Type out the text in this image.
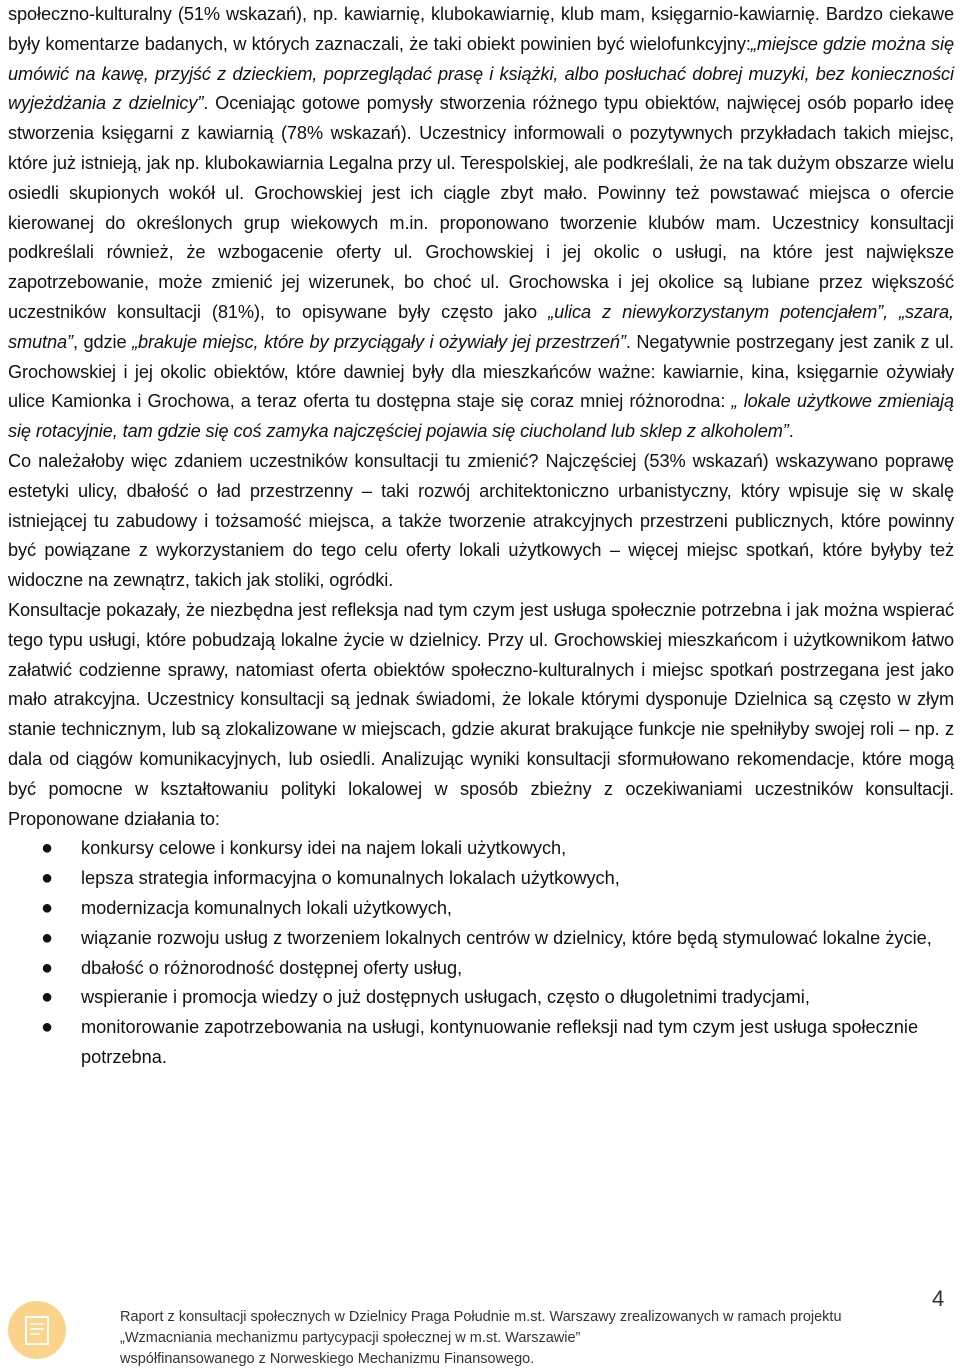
społeczno-kulturalny (51% wskazań), np. kawiarnię, klubokawiarnię, klub mam, księgarnio-kawiarnię. Bardzo ciekawe były komentarze badanych, w których zaznaczali, że taki obiekt powinien być wielofunkcyjny:„miejsce gdzie można się umówić na kawę, przyjść z dzieckiem, poprzeglądać prasę i książki, albo posłuchać dobrej muzyki, bez konieczności wyjeżdżania z dzielnicy”. Oceniając gotowe pomysły stworzenia różnego typu obiektów, najwięcej osób poparło ideę stworzenia księgarni z kawiarnią (78% wskazań). Uczestnicy informowali o pozytywnych przykładach takich miejsc, które już istnieją, jak np. klubokawiarnia Legalna przy ul. Terespolskiej, ale podkreślali, że na tak dużym obszarze wielu osiedli skupionych wokół ul. Grochowskiej jest ich ciągle zbyt mało. Powinny też powstawać miejsca o ofercie kierowanej do określonych grup wiekowych m.in. proponowano tworzenie klubów mam. Uczestnicy konsultacji podkreślali również, że wzbogacenie oferty ul. Grochowskiej i jej okolic o usługi, na które jest największe zapotrzebowanie, może zmienić jej wizerunek, bo choć ul. Grochowska i jej okolice są lubiane przez większość uczestników konsultacji (81%), to opisywane były często jako „ulica z niewykorzystanym potencjałem”, „szara, smutna”, gdzie „brakuje miejsc, które by przyciągały i ożywiały jej przestrzeń”. Negatywnie postrzegany jest zanik z ul. Grochowskiej i jej okolic obiektów, które dawniej były dla mieszkańców ważne: kawiarnie, kina, księgarnie ożywiały ulice Kamionka i Grochowa, a teraz oferta tu dostępna staje się coraz mniej różnorodna: „ lokale użytkowe zmieniają się rotacyjnie, tam gdzie się coś zamyka najczęściej pojawia się ciucholand lub sklep z alkoholem”.

Co należałoby więc zdaniem uczestników konsultacji tu zmienić? Najczęściej (53% wskazań) wskazywano poprawę estetyki ulicy, dbałość o ład przestrzenny – taki rozwój architektoniczno urbanistyczny, który wpisuje się w skalę istniejącej tu zabudowy i tożsamość miejsca, a także tworzenie atrakcyjnych przestrzeni publicznych, które powinny być powiązane z wykorzystaniem do tego celu oferty lokali użytkowych – więcej miejsc spotkań, które byłyby też widoczne na zewnątrz, takich jak stoliki, ogródki.

Konsultacje pokazały, że niezbędna jest refleksja nad tym czym jest usługa społecznie potrzebna i jak można wspierać tego typu usługi, które pobudzają lokalne życie w dzielnicy. Przy ul. Grochowskiej mieszkańcom i użytkownikom łatwo załatwić codzienne sprawy, natomiast oferta obiektów społeczno-kulturalnych i miejsc spotkań postrzegana jest jako mało atrakcyjna. Uczestnicy konsultacji są jednak świadomi, że lokale którymi dysponuje Dzielnica są często w złym stanie technicznym, lub są zlokalizowane w miejscach, gdzie akurat brakujące funkcje nie spełniłyby swojej roli – np. z dala od ciągów komunikacyjnych, lub osiedli. Analizując wyniki konsultacji sformułowano rekomendacje, które mogą być pomocne w kształtowaniu polityki lokalowej w sposób zbieżny z oczekiwaniami uczestników konsultacji. Proponowane działania to:

● konkursy celowe i konkursy idei na najem lokali użytkowych,
● lepsza strategia informacyjna o komunalnych lokalach użytkowych,
● modernizacja komunalnych lokali użytkowych,
● wiązanie rozwoju usług z tworzeniem lokalnych centrów w dzielnicy, które będą stymulować lokalne życie,
● dbałość o różnorodność dostępnej oferty usług,
● wspieranie i promocja wiedzy o już dostępnych usługach, często o długoletnimi tradycjami,
● monitorowanie zapotrzebowania na usługi, kontynuowanie refleksji nad tym czym jest usługa społecznie potrzebna.
Raport z konsultacji społecznych w Dzielnicy Praga Południe m.st. Warszawy zrealizowanych w ramach projektu
„Wzmacniania mechanizmu partycypacji społecznej w m.st. Warszawie”
współfinansowanego z Norweskiego Mechanizmu Finansowego.
4
